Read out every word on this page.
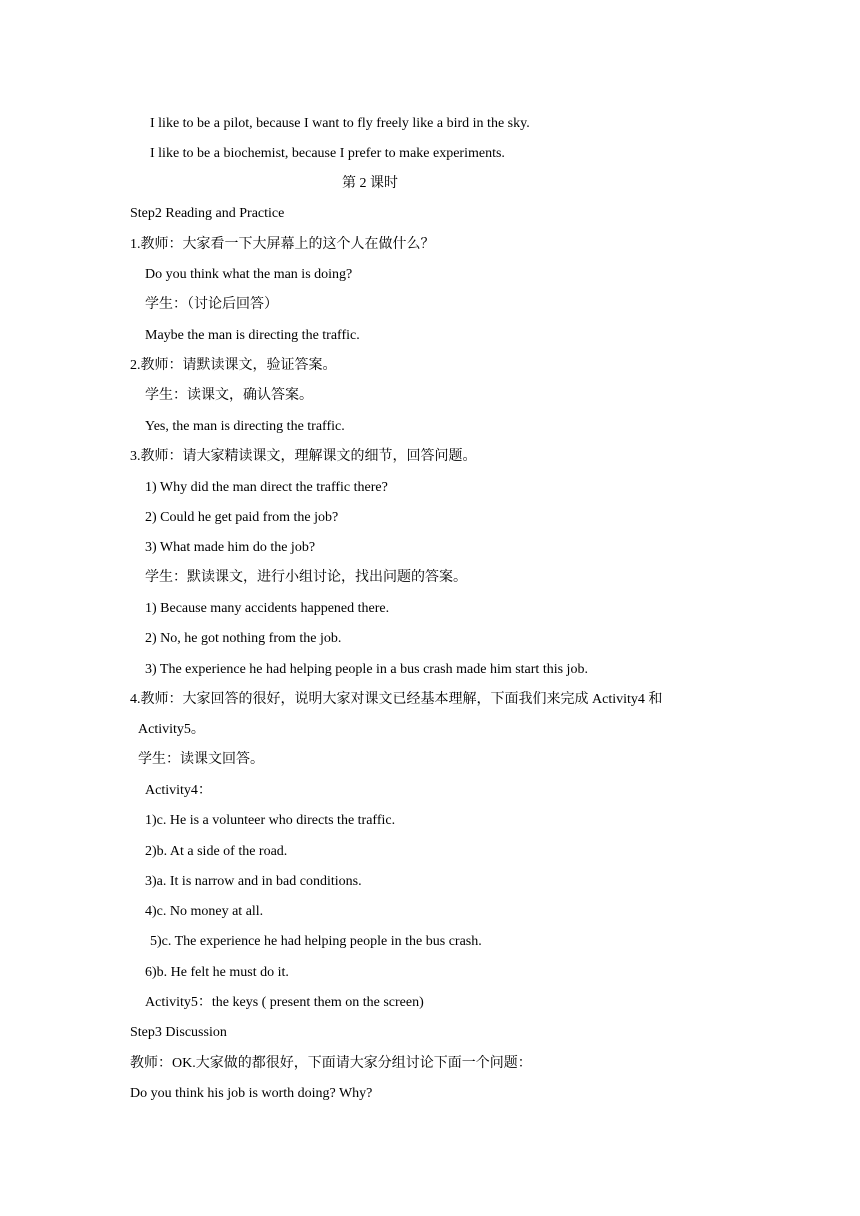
I like to be a pilot, because I want to fly freely like a bird in the sky.
I like to be a biochemist, because I prefer to make experiments.
第 2 课时
Step2 Reading and Practice
1.教师：大家看一下大屏幕上的这个人在做什么？
Do you think what the man is doing?
学生：（讨论后回答）
Maybe the man is directing the traffic.
2.教师：请默读课文，验证答案。
学生：读课文，确认答案。
Yes, the man is directing the traffic.
3.教师：请大家精读课文，理解课文的细节，回答问题。
1) Why did the man direct the traffic there?
2) Could he get paid from the job?
3) What made him do the job?
学生：默读课文，进行小组讨论，找出问题的答案。
1) Because many accidents happened there.
2) No, he got nothing from the job.
3) The experience he had helping people in a bus crash made him start this job.
4.教师：大家回答的很好，说明大家对课文已经基本理解，下面我们来完成 Activity4 和
Activity5。
学生：读课文回答。
Activity4：
1)c. He is a volunteer who directs the traffic.
2)b. At a side of the road.
3)a. It is narrow and in bad conditions.
4)c. No money at all.
5)c. The experience he had helping people in the bus crash.
6)b. He felt he must do it.
Activity5：the keys ( present them on the screen)
Step3 Discussion
教师：OK.大家做的都很好，下面请大家分组讨论下面一个问题：
Do you think his job is worth doing? Why?
